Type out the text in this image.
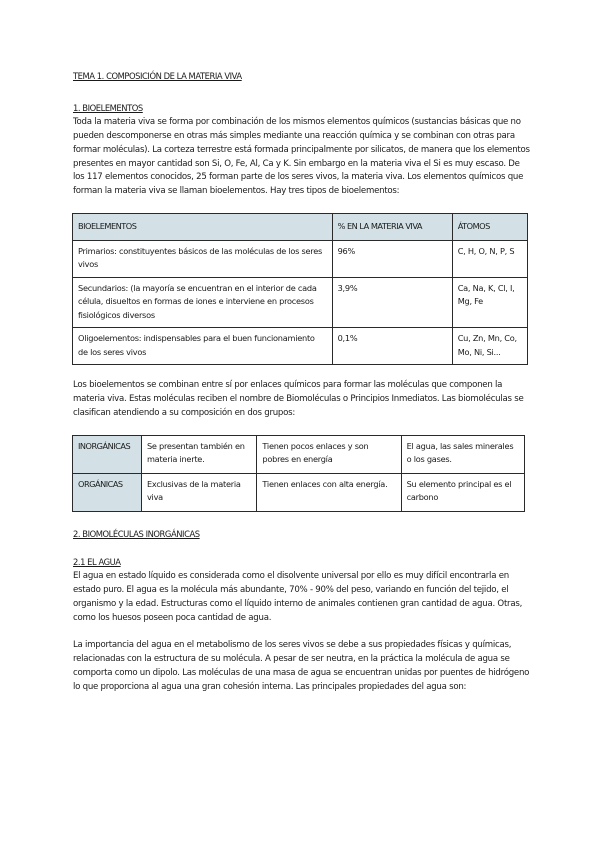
TEMA 1. COMPOSICIÓN DE LA MATERIA VIVA
1. BIOELEMENTOS

Toda la materia viva se forma por combinación de los mismos elementos químicos (sustancias básicas que no pueden descomponerse en otras más simples mediante una reacción química y se combinan con otras para formar moléculas). La corteza terrestre está formada principalmente por silicatos, de manera que los elementos presentes en mayor cantidad son Si, O, Fe, Al, Ca y K. Sin embargo en la materia viva el Si es muy escaso. De los 117 elementos conocidos, 25 forman parte de los seres vivos, la materia viva. Los elementos químicos que forman la materia viva se llaman bioelementos. Hay tres tipos de bioelementos:

BIOELEMENTOS	% EN LA MATERIA VIVA	ÁTOMOS
Primarios: constituyentes básicos de las moléculas de los seres vivos	96%	C, H, O, N, P, S
Secundarios: (la mayoría se encuentran en el interior de cada célula, disueltos en formas de iones e interviene en procesos fisiológicos diversos	3,9%	Ca, Na, K, Cl, I, Mg, Fe
Oligoelementos: indispensables para el buen funcionamiento de los seres vivos	0,1%	Cu, Zn, Mn, Co, Mo, Ni, Si...

Los bioelementos se combinan entre sí por enlaces químicos para formar las moléculas que componen la materia viva. Estas moléculas reciben el nombre de Biomoléculas o Principios Inmediatos. Las biomoléculas se clasifican atendiendo a su composición en dos grupos:

INORGÁNICAS	Se presentan también en materia inerte.	Tienen pocos enlaces y son pobres en energía	El agua, las sales minerales o los gases.
ORGÁNICAS	Exclusivas de la materia viva	Tienen enlaces con alta energía.	Su elemento principal es el carbono
2. BIOMOLÉCULAS INORGÁNICAS
2.1 EL AGUA

El agua en estado líquido es considerada como el disolvente universal por ello es muy difícil encontrarla en estado puro. El agua es la molécula más abundante, 70% - 90% del peso, variando en función del tejido, el organismo y la edad. Estructuras como el líquido interno de animales contienen gran cantidad de agua. Otras, como los huesos poseen poca cantidad de agua.

La importancia del agua en el metabolismo de los seres vivos se debe a sus propiedades físicas y químicas, relacionadas con la estructura de su molécula. A pesar de ser neutra, en la práctica la molécula de agua se comporta como un dipolo. Las moléculas de una masa de agua se encuentran unidas por puentes de hidrógeno lo que proporciona al agua una gran cohesión interna. Las principales propiedades del agua son:
